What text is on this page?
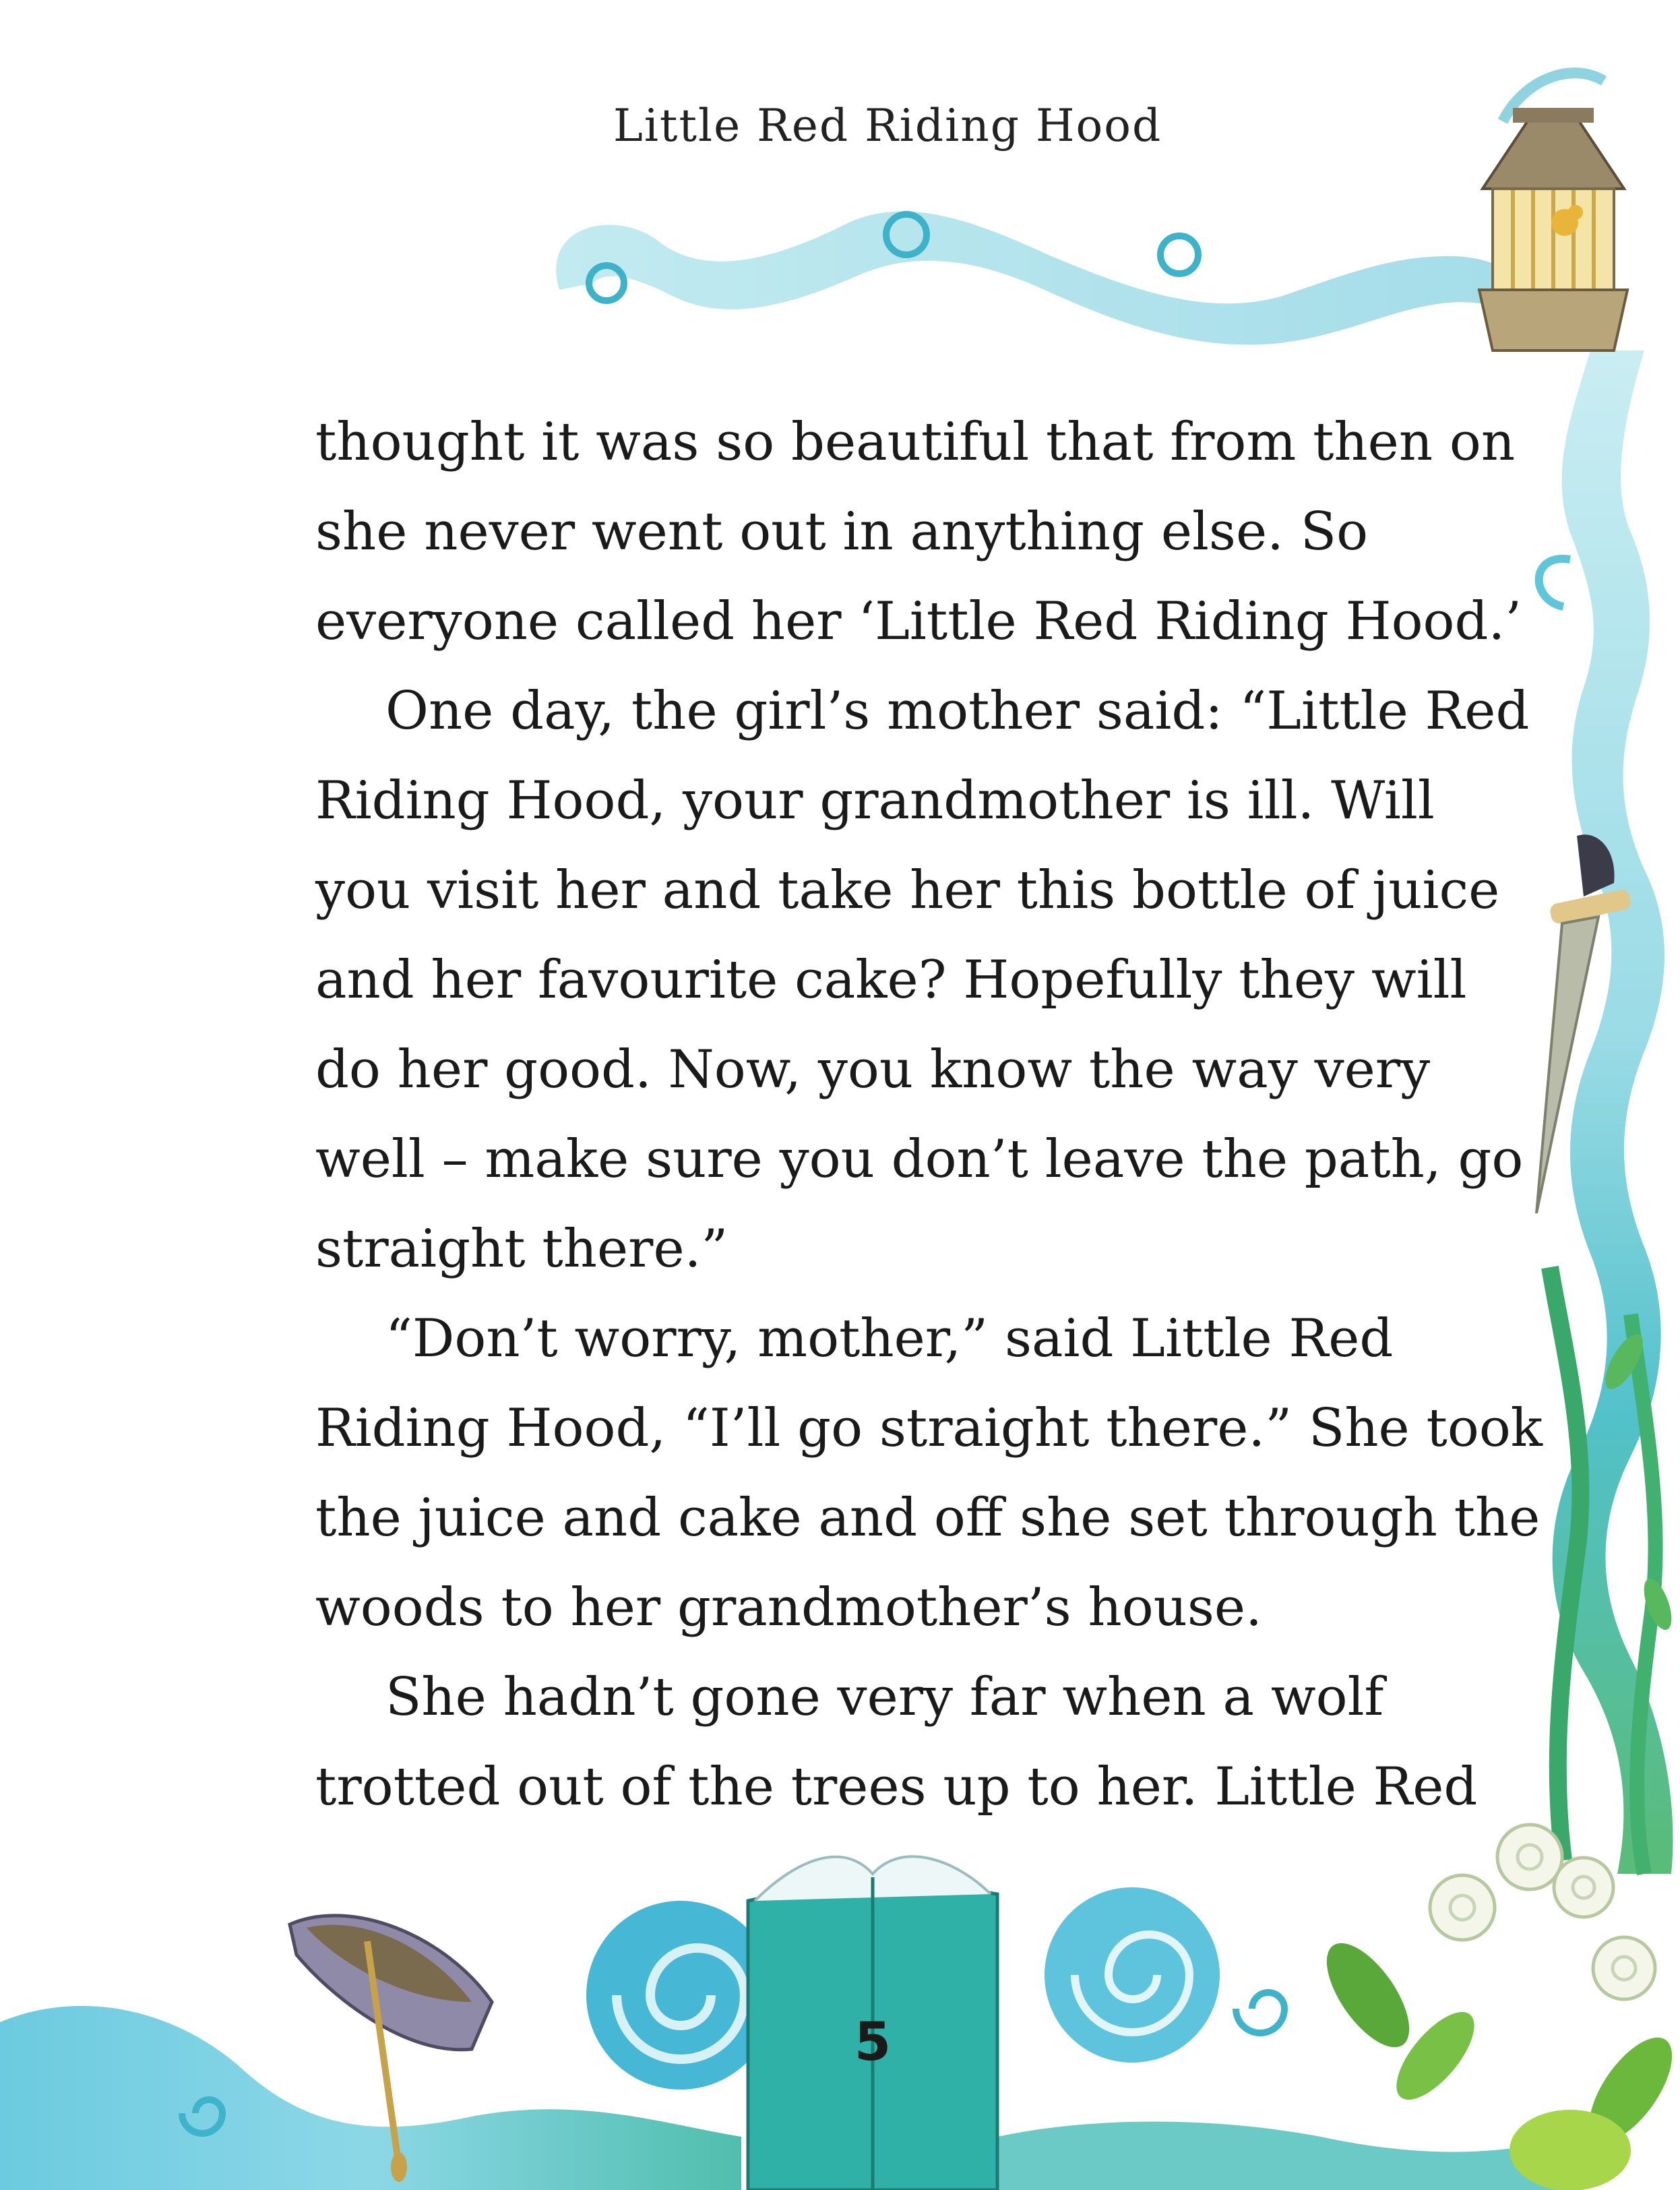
Little Red Riding Hood
thought it was so beautiful that from then on
she never went out in anything else. So
everyone called her ‘Little Red Riding Hood.’
One day, the girl’s mother said: “Little Red
Riding Hood, your grandmother is ill. Will
you visit her and take her this bottle of juice
and her favourite cake? Hopefully they will
do her good. Now, you know the way very
well – make sure you don’t leave the path, go
straight there.”
“Don’t worry, mother,” said Little Red
Riding Hood, “I’ll go straight there.” She took
the juice and cake and off she set through the
woods to her grandmother’s house.
She hadn’t gone very far when a wolf
trotted out of the trees up to her. Little Red
5
